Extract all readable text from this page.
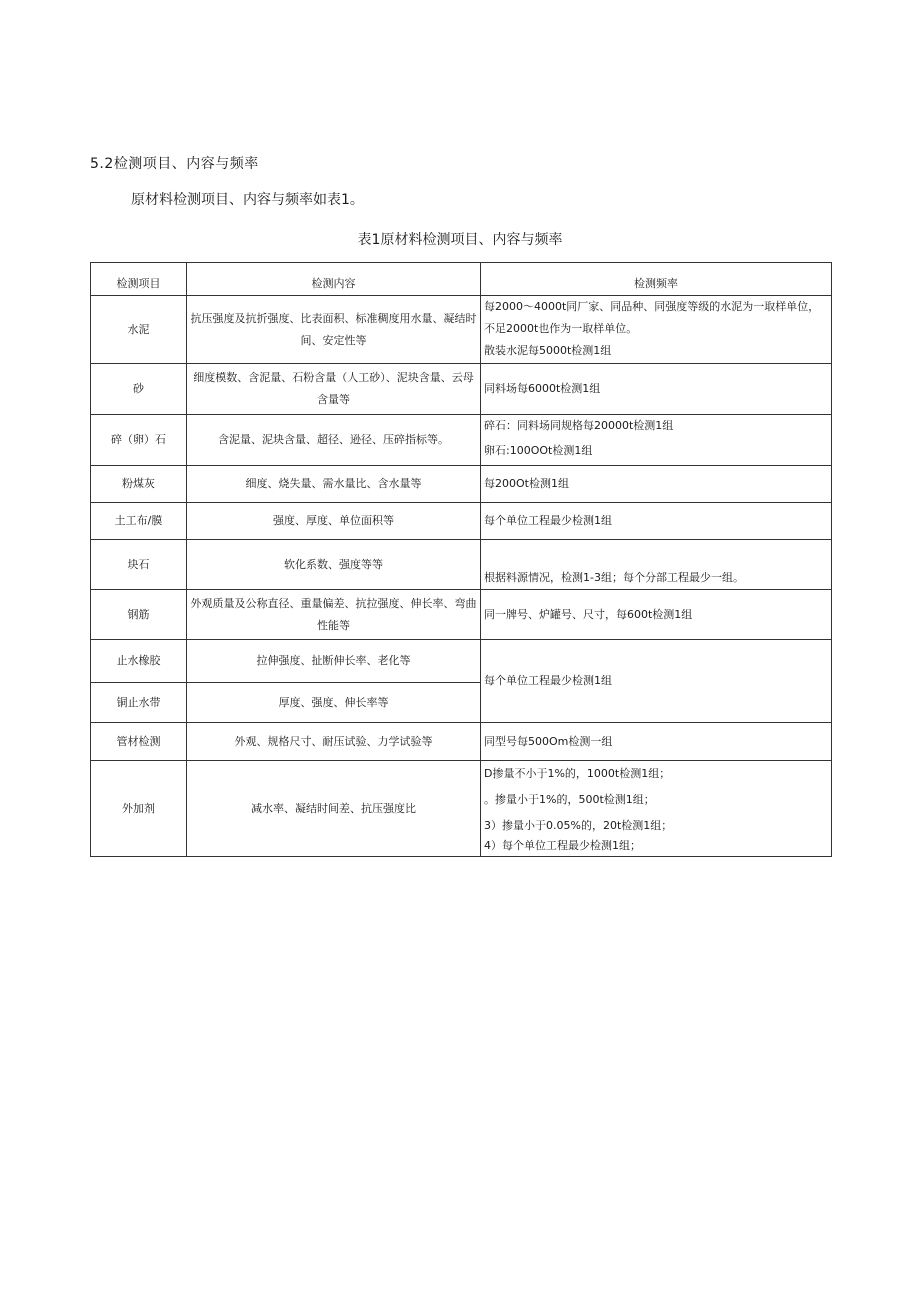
5.2检测项目、内容与频率
原材料检测项目、内容与频率如表1。
表1原材料检测项目、内容与频率
检测项目	检测内容	检测频率
水泥	抗压强度及抗折强度、比表面积、标准稠度用水量、凝结时间、安定性等	每2000〜4000t同厂家、同品种、同强度等级的水泥为一取样单位，不足2000t也作为一取样单位。
散装水泥每5000t检测1组

砂	细度模数、含泥量、石粉含量（人工砂）、泥块含量、云母含量等	同料场每6000t检测1组

碎（卵）石	含泥量、泥块含量、超径、逊径、压碎指标等。	碎石：同料场同规格每20000t检测1组
卵石:100OOt检测1组

粉煤灰	细度、烧失量、需水量比、含水量等	每200Ot检测1组

土工布/膜	强度、厚度、单位面积等	每个单位工程最少检测1组

块石	软化系数、强度等等	根据料源情况，检测1-3组；每个分部工程最少一组。

钢筋	外观质量及公称直径、重量偏差、抗拉强度、伸长率、弯曲性能等	同一牌号、炉罐号、尺寸，每600t检测1组

止水橡胶	拉伸强度、扯断伸长率、老化等	每个单位工程最少检测1组

铜止水带	厚度、强度、伸长率等	
管材检测	外观、规格尺寸、耐压试验、力学试验等	同型号每500Om检测一组

外加剂	减水率、凝结时间差、抗压强度比	D掺量不小于1%的，1000t检测1组；
。掺量小于1%的，500t检测1组；
3）掺量小于0.05%的，20t检测1组；
4）每个单位工程最少检测1组；
